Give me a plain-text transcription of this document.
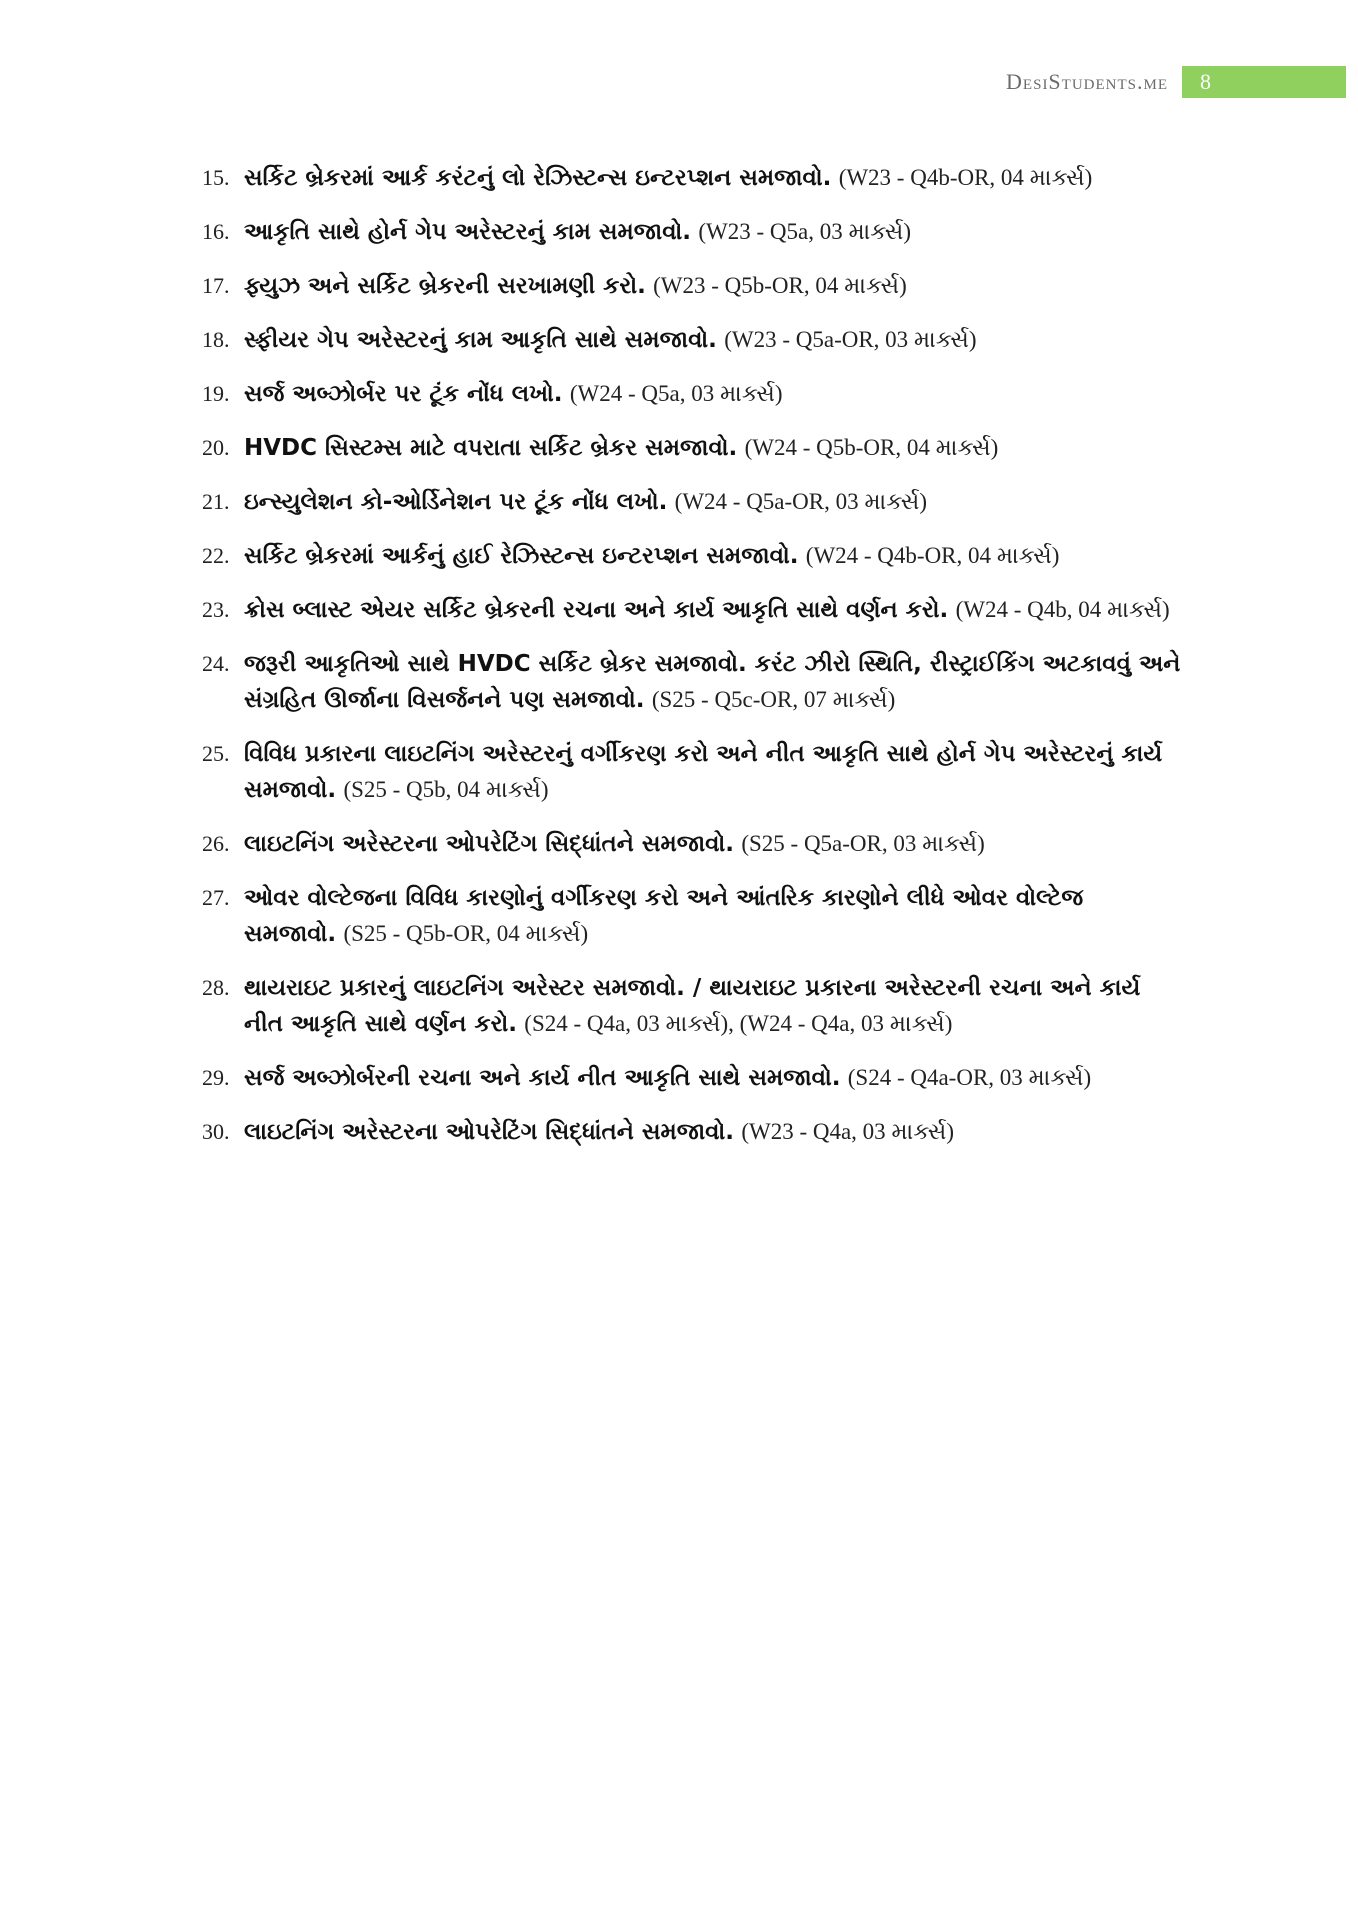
DesiStudents.me	8
15. સર્કિટ બ્રેકરમાં આર્ક કરંટનું લો રેઝિસ્ટન્સ ઇન્ટરપ્શન સમજાવો. (W23 - Q4b-OR, 04 માર્ક્સ)
16. આકૃતિ સાથે હોર્ન ગેપ અરેસ્ટરનું કામ સમજાવો. (W23 - Q5a, 03 માર્ક્સ)
17. ફ્યુઝ અને સર્કિટ બ્રેકરની સરખામણી કરો. (W23 - Q5b-OR, 04 માર્ક્સ)
18. સ્ફીયર ગેપ અરેસ્ટરનું કામ આકૃતિ સાથે સમજાવો. (W23 - Q5a-OR, 03 માર્ક્સ)
19. સર્જ અબ્ઝોર્બર પર ટૂંક નોંધ લખો. (W24 - Q5a, 03 માર્ક્સ)
20. HVDC સિસ્ટમ્સ માટે વપરાતા સર્કિટ બ્રેકર સમજાવો. (W24 - Q5b-OR, 04 માર્ક્સ)
21. ઇન્સ્યુલેશન કો-ઓર્ડિનેશન પર ટૂંક નોંધ લખો. (W24 - Q5a-OR, 03 માર્ક્સ)
22. સર્કિટ બ્રેકરમાં આર્કનું હાઈ રેઝિસ્ટન્સ ઇન્ટરપ્શન સમજાવો. (W24 - Q4b-OR, 04 માર્ક્સ)
23. ક્રોસ બ્લાસ્ટ એયર સર્કિટ બ્રેકરની રચના અને કાર્ય આકૃતિ સાથે વર્ણન કરો. (W24 - Q4b, 04 માર્ક્સ)
24. જરૂરી આકૃતિઓ સાથે HVDC સર્કિટ બ્રેકર સમજાવો. કરંટ ઝીરો સ્થિતિ, રીસ્ટ્રાઈકિંગ અટકાવવું અને સંગ્રહિત ઊર્જાના વિસર્જનને પણ સમજાવો. (S25 - Q5c-OR, 07 માર્ક્સ)
25. વિવિધ પ્રકારના લાઇટનિંગ અરેસ્ટરનું વર્ગીકરણ કરો અને નીત આકૃતિ સાથે હોર્ન ગેપ અરેસ્ટરનું કાર્ય સમજાવો. (S25 - Q5b, 04 માર્ક્સ)
26. લાઇટનિંગ અરેસ્ટરના ઓપરેટિંગ સિદ્ધાંતને સમજાવો. (S25 - Q5a-OR, 03 માર્ક્સ)
27. ઓવર વોલ્ટેજના વિવિધ કારણોનું વર્ગીકરણ કરો અને આંતરિક કારણોને લીધે ઓવર વોલ્ટેજ સમજાવો. (S25 - Q5b-OR, 04 માર્ક્સ)
28. થાયરાઇટ પ્રકારનું લાઇટનિંગ અરેસ્ટર સમજાવો. / થાયરાઇટ પ્રકારના અરેસ્ટરની રચના અને કાર્ય નીત આકૃતિ સાથે વર્ણન કરો. (S24 - Q4a, 03 માર્ક્સ), (W24 - Q4a, 03 માર્ક્સ)
29. સર્જ અબ્ઝોર્બરની રચના અને કાર્ય નીત આકૃતિ સાથે સમજાવો. (S24 - Q4a-OR, 03 માર્ક્સ)
30. લાઇટનિંગ અરેસ્ટરના ઓપરેટિંગ સિદ્ધાંતને સમજાવો. (W23 - Q4a, 03 માર્ક્સ)
